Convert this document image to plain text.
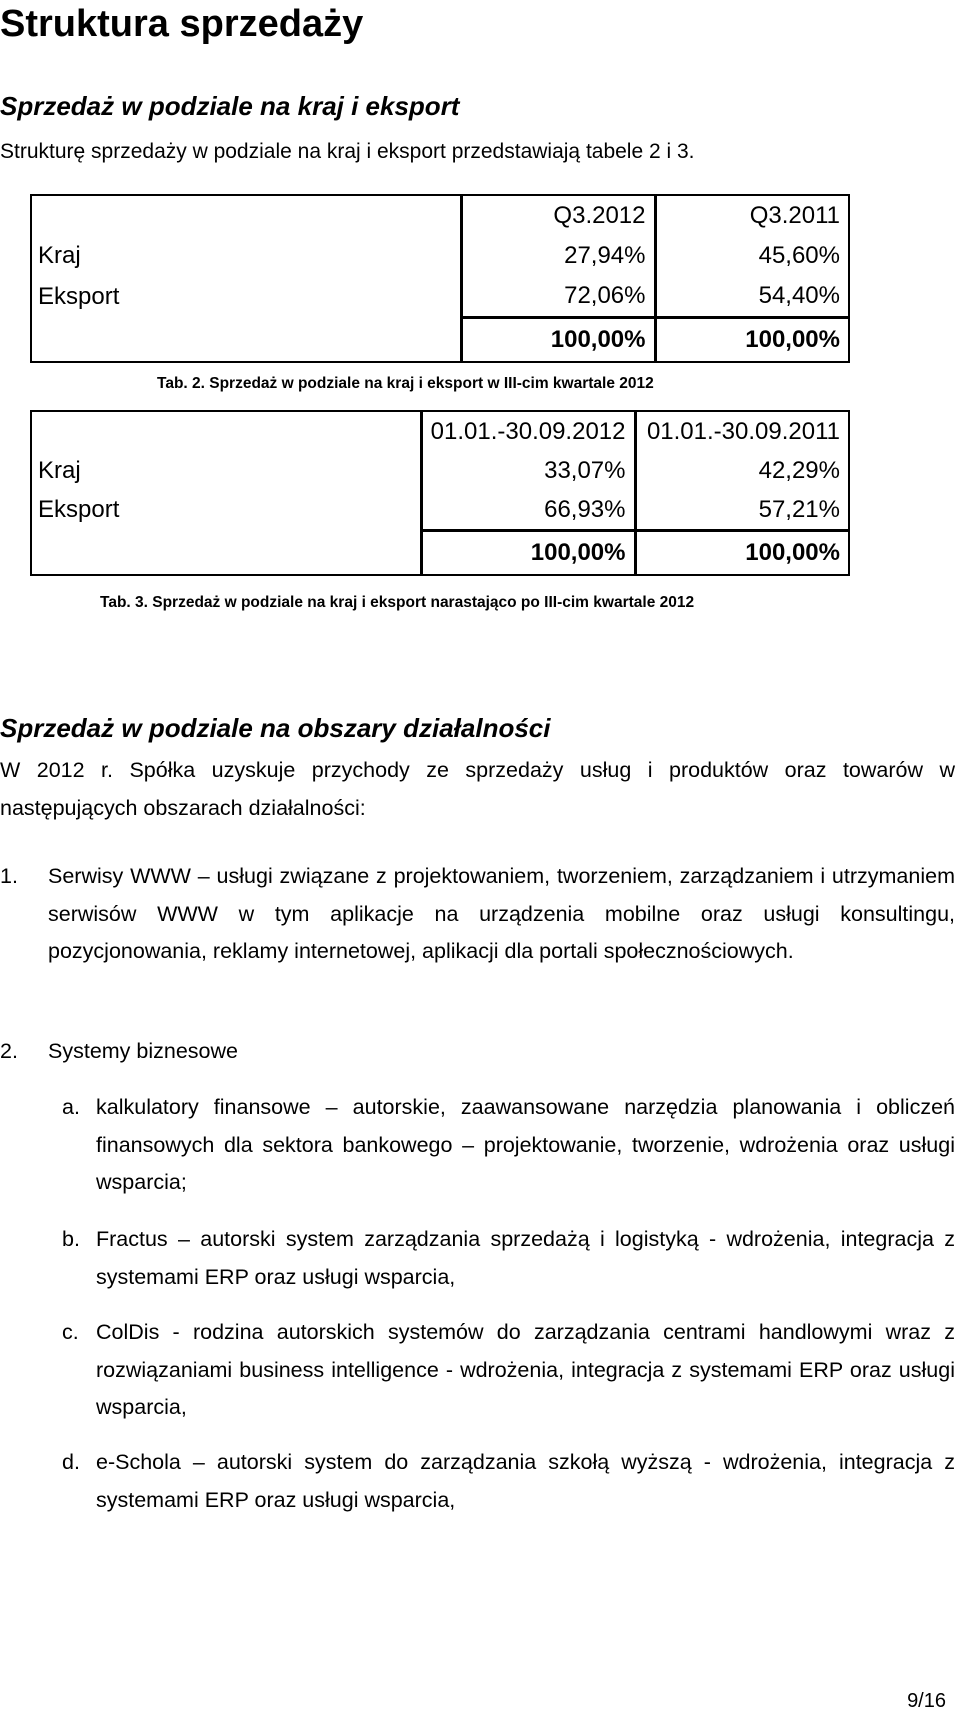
Struktura sprzedaży
Sprzedaż w podziale na kraj i eksport
Strukturę sprzedaży w podziale na kraj i eksport przedstawiają tabele 2 i 3.
	Q3.2012	Q3.2011
Kraj	27,94%	45,60%
Eksport	72,06%	54,40%
	100,00%	100,00%
Tab. 2. Sprzedaż w podziale na kraj i eksport w III-cim kwartale 2012
	01.01.-30.09.2012	01.01.-30.09.2011
Kraj	33,07%	42,29%
Eksport	66,93%	57,21%
	100,00%	100,00%
Tab. 3. Sprzedaż w podziale na kraj i eksport narastająco po III-cim kwartale 2012
Sprzedaż w podziale na obszary działalności
W 2012 r. Spółka uzyskuje przychody ze sprzedaży usług i produktów oraz towarów w następujących obszarach działalności:
1. Serwisy WWW – usługi związane z projektowaniem, tworzeniem, zarządzaniem i utrzymaniem serwisów WWW w tym aplikacje na urządzenia mobilne oraz usługi konsultingu, pozycjonowania, reklamy internetowej, aplikacji dla portali społecznościowych.
2. Systemy biznesowe
a. kalkulatory finansowe – autorskie, zaawansowane narzędzia planowania i obliczeń finansowych dla sektora bankowego – projektowanie, tworzenie, wdrożenia oraz usługi wsparcia;
b. Fractus – autorski system zarządzania sprzedażą i logistyką - wdrożenia, integracja z systemami ERP oraz usługi wsparcia,
c. ColDis - rodzina autorskich systemów do zarządzania centrami handlowymi wraz z rozwiązaniami business intelligence - wdrożenia, integracja z systemami ERP oraz usługi wsparcia,
d. e-Schola – autorski system do zarządzania szkołą wyższą - wdrożenia, integracja z systemami ERP oraz usługi wsparcia,
9/16
